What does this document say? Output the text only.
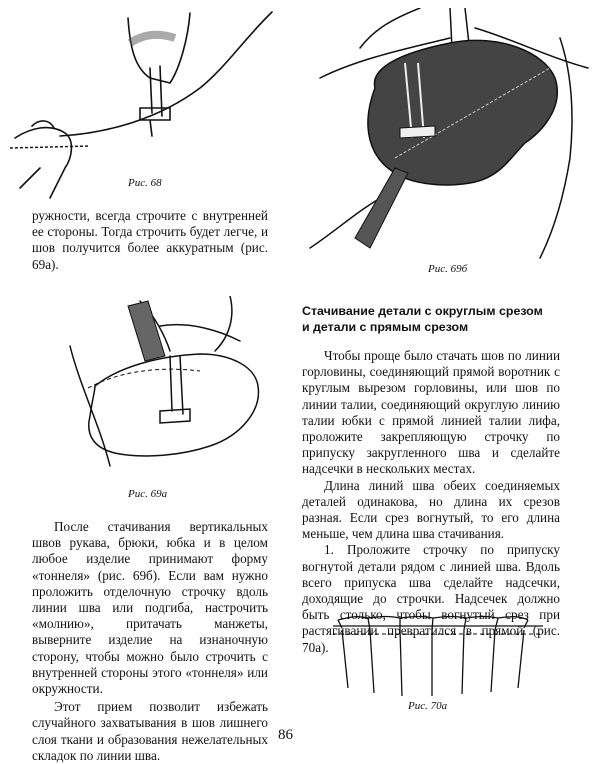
Рис. 68
Рис. 69б

ружности, всегда строчите с внутренней ее стороны. Тогда строчить будет легче, и шов получится более аккуратным (рис. 69а).

Рис. 69а

После стачивания вертикальных швов рукава, брюки, юбка и в целом любое изделие принимают форму «тоннеля» (рис. 69б). Если вам нужно проложить отделочную строчку вдоль линии шва или подгиба, настрочить «молнию», притачать манжеты, выверните изделие на изнаночную сторону, чтобы можно было строчить с внутренней стороны этого «тоннеля» или окружности.

Этот прием позволит избежать случайного захватывания в шов лишнего слоя ткани и образования нежелательных складок по линии шва.

Стачивание детали с округлым срезом
и детали с прямым срезом

Чтобы проще было стачать шов по линии горловины, соединяющий прямой воротник с круглым вырезом горловины, или шов по линии талии, соединяющий округлую линию талии юбки с прямой линией талии лифа, проложите закрепляющую строчку по припуску закругленного шва и сделайте надсечки в нескольких местах.

Длина линий шва обеих соединяемых деталей одинакова, но длина их срезов разная. Если срез вогнутый, то его длина меньше, чем длина шва стачивания.

1. Проложите строчку по припуску вогнутой детали рядом с линией шва. Вдоль всего припуска шва сделайте надсечки, доходящие до строчки. Надсечек должно быть столько, чтобы вогнутый срез при растягивании превратился в прямой (рис. 70а).

Рис. 70а
86
